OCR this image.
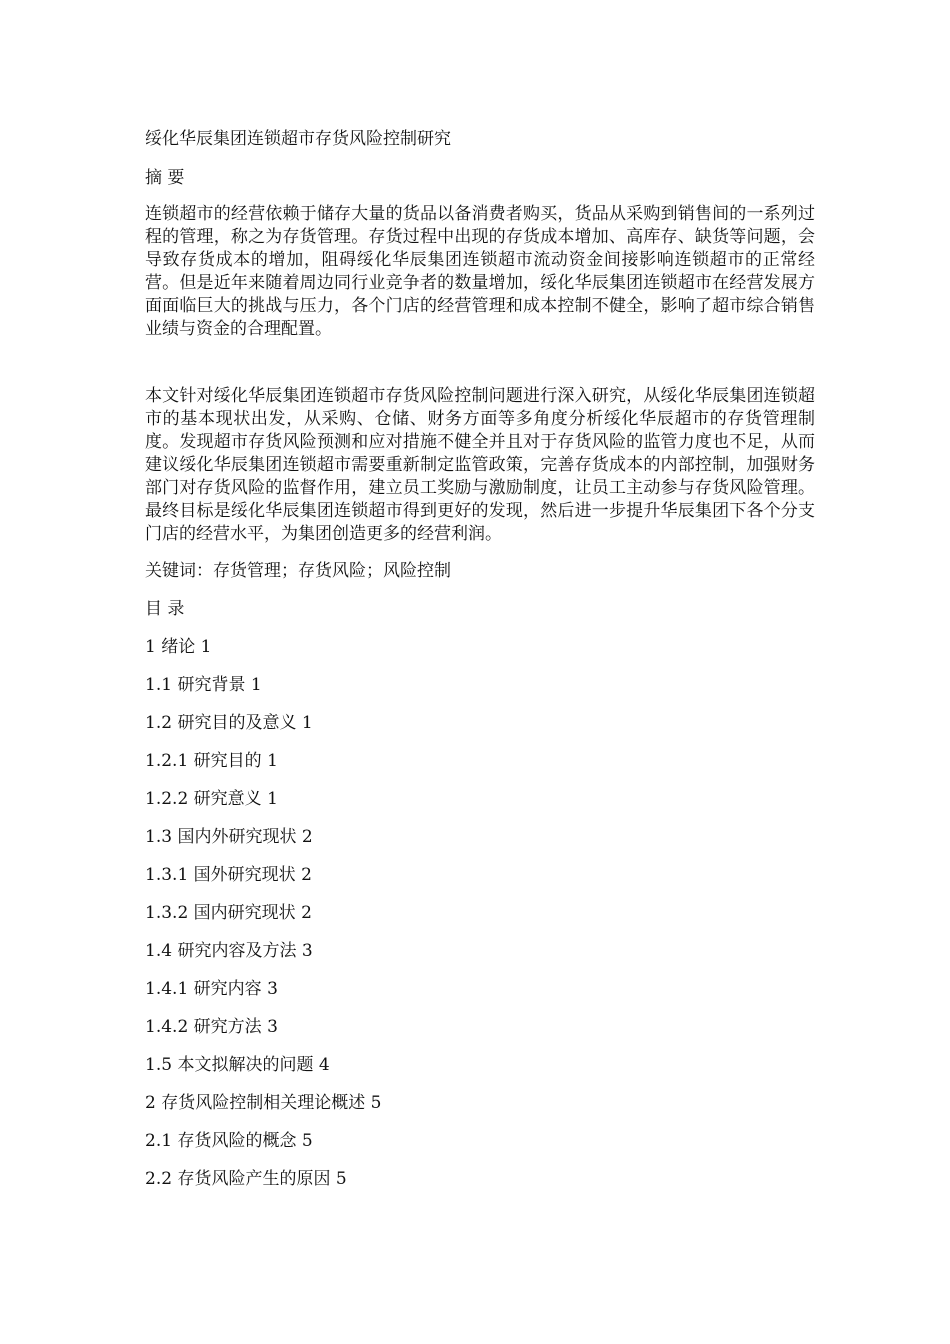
绥化华辰集团连锁超市存货风险控制研究

摘 要

连锁超市的经营依赖于储存大量的货品以备消费者购买，货品从采购到销售间的一系列过程的管理，称之为存货管理。存货过程中出现的存货成本增加、高库存、缺货等问题，会导致存货成本的增加，阻碍绥化华辰集团连锁超市流动资金间接影响连锁超市的正常经营。但是近年来随着周边同行业竞争者的数量增加，绥化华辰集团连锁超市在经营发展方面面临巨大的挑战与压力，各个门店的经营管理和成本控制不健全，影响了超市综合销售业绩与资金的合理配置。

本文针对绥化华辰集团连锁超市存货风险控制问题进行深入研究，从绥化华辰集团连锁超市的基本现状出发，从采购、仓储、财务方面等多角度分析绥化华辰超市的存货管理制度。发现超市存货风险预测和应对措施不健全并且对于存货风险的监管力度也不足，从而建议绥化华辰集团连锁超市需要重新制定监管政策，完善存货成本的内部控制，加强财务部门对存货风险的监督作用，建立员工奖励与激励制度，让员工主动参与存货风险管理。最终目标是绥化华辰集团连锁超市得到更好的发现，然后进一步提升华辰集团下各个分支门店的经营水平，为集团创造更多的经营利润。

关键词：存货管理；存货风险；风险控制

目 录

1 绪论 1

1.1 研究背景 1

1.2 研究目的及意义 1

1.2.1 研究目的 1

1.2.2 研究意义 1

1.3 国内外研究现状 2

1.3.1 国外研究现状 2

1.3.2 国内研究现状 2

1.4 研究内容及方法 3

1.4.1 研究内容 3

1.4.2 研究方法 3

1.5 本文拟解决的问题 4

2 存货风险控制相关理论概述 5

2.1 存货风险的概念 5

2.2 存货风险产生的原因 5
